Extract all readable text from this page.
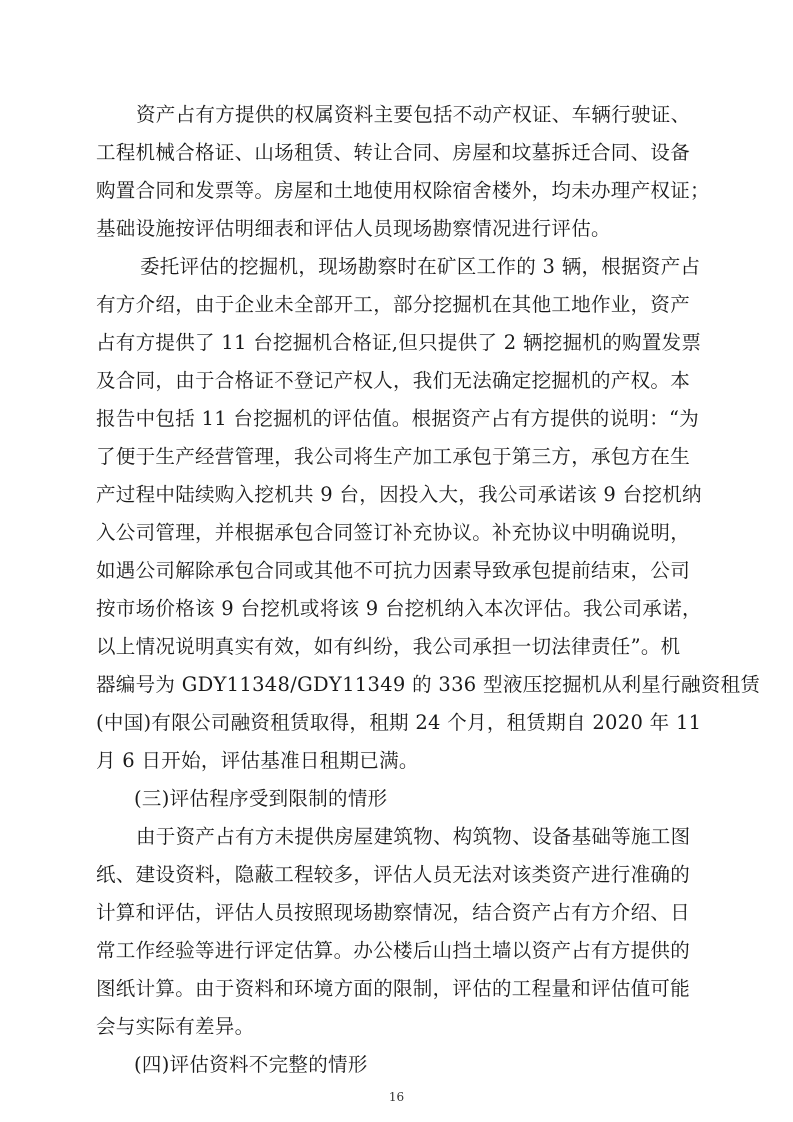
资产占有方提供的权属资料主要包括不动产权证、车辆行驶证、
工程机械合格证、山场租赁、转让合同、房屋和坟墓拆迁合同、设备
购置合同和发票等。房屋和土地使用权除宿舍楼外，均未办理产权证；
基础设施按评估明细表和评估人员现场勘察情况进行评估。
委托评估的挖掘机，现场勘察时在矿区工作的 3 辆，根据资产占
有方介绍，由于企业未全部开工，部分挖掘机在其他工地作业，资产
占有方提供了 11 台挖掘机合格证,但只提供了 2 辆挖掘机的购置发票
及合同，由于合格证不登记产权人，我们无法确定挖掘机的产权。本
报告中包括 11 台挖掘机的评估值。根据资产占有方提供的说明：“为
了便于生产经营管理，我公司将生产加工承包于第三方，承包方在生
产过程中陆续购入挖机共 9 台，因投入大，我公司承诺该 9 台挖机纳
入公司管理，并根据承包合同签订补充协议。补充协议中明确说明，
如遇公司解除承包合同或其他不可抗力因素导致承包提前结束，公司
按市场价格该 9 台挖机或将该 9 台挖机纳入本次评估。我公司承诺，
以上情况说明真实有效，如有纠纷，我公司承担一切法律责任”。机
器编号为 GDY11348/GDY11349 的 336 型液压挖掘机从利星行融资租赁
(中国)有限公司融资租赁取得，租期 24 个月，租赁期自 2020 年 11
月 6 日开始，评估基准日租期已满。
(三)评估程序受到限制的情形
由于资产占有方未提供房屋建筑物、构筑物、设备基础等施工图
纸、建设资料，隐蔽工程较多，评估人员无法对该类资产进行准确的
计算和评估，评估人员按照现场勘察情况，结合资产占有方介绍、日
常工作经验等进行评定估算。办公楼后山挡土墙以资产占有方提供的
图纸计算。由于资料和环境方面的限制，评估的工程量和评估值可能
会与实际有差异。
(四)评估资料不完整的情形
16
